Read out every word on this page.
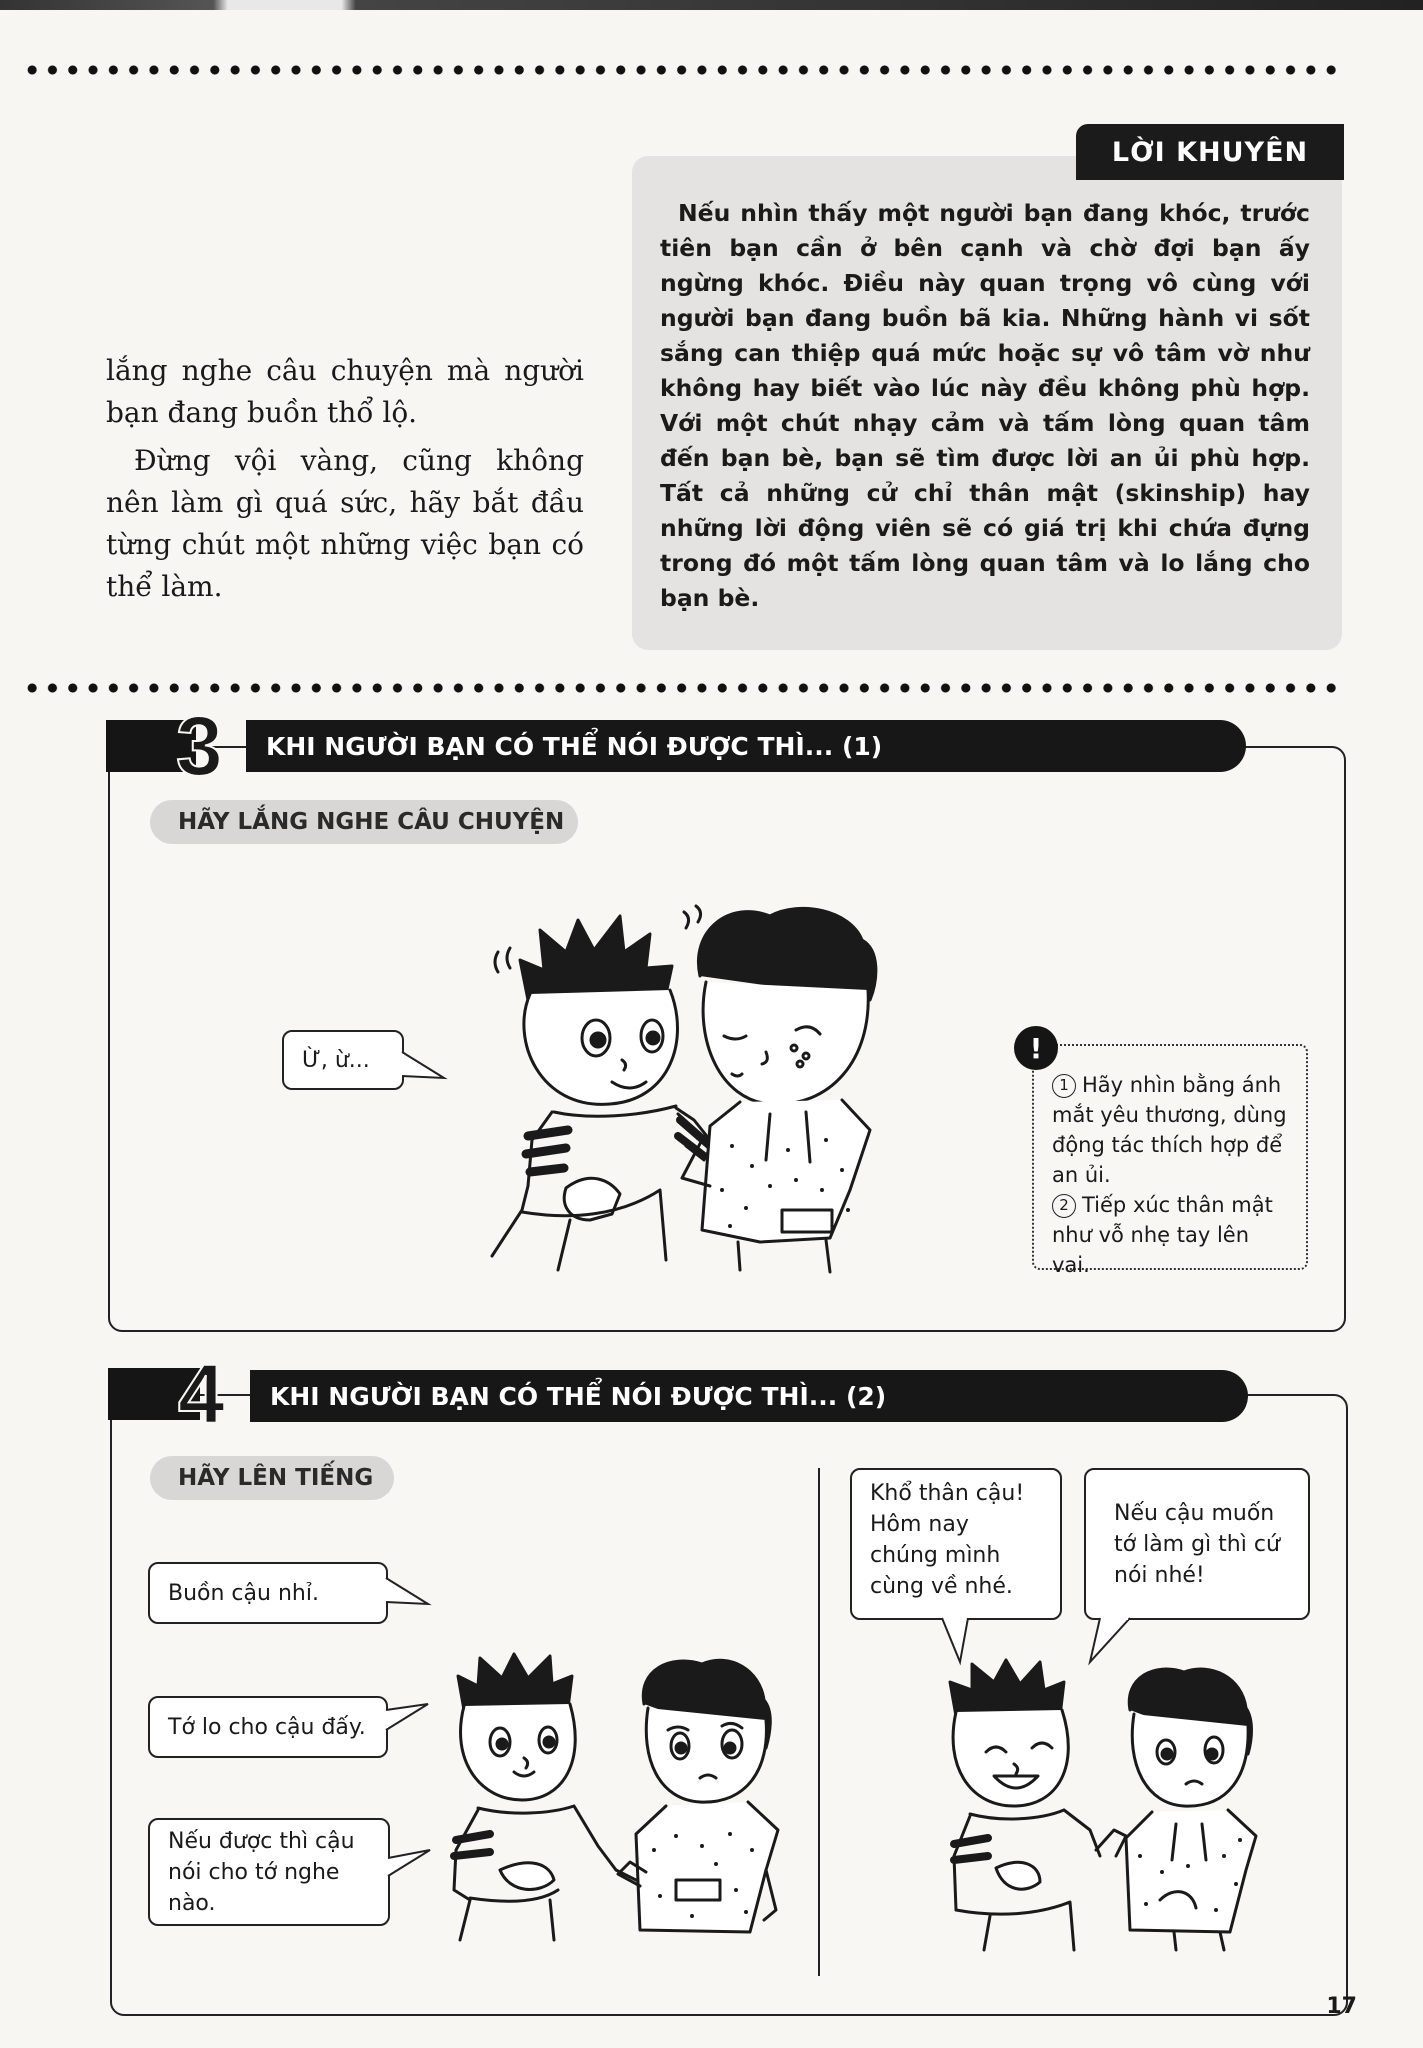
lắng nghe câu chuyện mà người bạn đang buồn thổ lộ.

Đừng vội vàng, cũng không nên làm gì quá sức, hãy bắt đầu từng chút một những việc bạn có thể làm.

LỜI KHUYÊN
Nếu nhìn thấy một người bạn đang khóc, trước tiên bạn cần ở bên cạnh và chờ đợi bạn ấy ngừng khóc. Điều này quan trọng vô cùng với người bạn đang buồn bã kia. Những hành vi sốt sắng can thiệp quá mức hoặc sự vô tâm vờ như không hay biết vào lúc này đều không phù hợp. Với một chút nhạy cảm và tấm lòng quan tâm đến bạn bè, bạn sẽ tìm được lời an ủi phù hợp. Tất cả những cử chỉ thân mật (skinship) hay những lời động viên sẽ có giá trị khi chứa đựng trong đó một tấm lòng quan tâm và lo lắng cho bạn bè.
3	KHI NGƯỜI BẠN CÓ THỂ NÓI ĐƯỢC THÌ... (1)
HÃY LẮNG NGHE CÂU CHUYỆN
Ừ, ừ...
1 Hãy nhìn bằng ánh mắt yêu thương, dùng động tác thích hợp để an ủi.
2 Tiếp xúc thân mật như vỗ nhẹ tay lên vai.
!
4	KHI NGƯỜI BẠN CÓ THỂ NÓI ĐƯỢC THÌ... (2)
HÃY LÊN TIẾNG
Buồn cậu nhỉ.
Tớ lo cho cậu đấy.
Nếu được thì cậu nói cho tớ nghe nào.
Khổ thân cậu! Hôm nay chúng mình cùng về nhé.
Nếu cậu muốn tớ làm gì thì cứ nói nhé!
17
